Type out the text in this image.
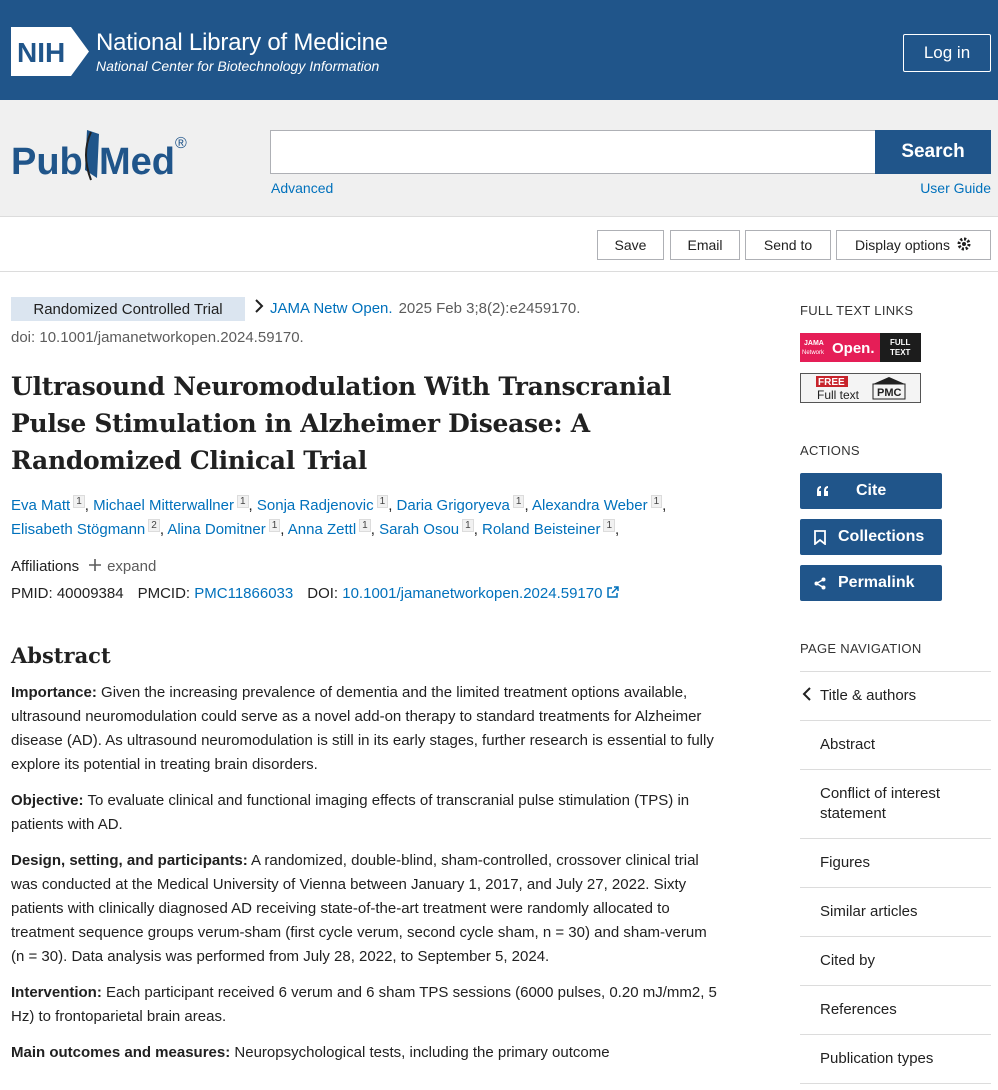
NIH National Library of Medicine
National Center for Biotechnology Information
Log in
Pub Med ®	Search
Advanced	User Guide
Save	Email	Send to	Display options
Randomized Controlled Trial	JAMA Netw Open. 2025 Feb 3;8(2):e2459170.
doi: 10.1001/jamanetworkopen.2024.59170.
Ultrasound Neuromodulation With Transcranial Pulse Stimulation in Alzheimer Disease: A Randomized Clinical Trial
Eva Matt $^1$ , Michael Mitterwallner $^1$ , Sonja Radjenovic $^1$ , Daria Grigoryeva $^1$ , Alexandra Weber $^1$ , Elisabeth Stögmann $^2$ , Alina Domitner $^1$ , Anna Zettl $^1$ , Sarah Osou $^1$ , Roland Beisteiner $^1$ ,
Affiliations expand
PMID: 40009384 PMCID: PMC11866033 DOI: 10.1001/jamanetworkopen.2024.59170
Abstract

Importance: Given the increasing prevalence of dementia and the limited treatment options available, ultrasound neuromodulation could serve as a novel add-on therapy to standard treatments for Alzheimer disease (AD). As ultrasound neuromodulation is still in its early stages, further research is essential to fully explore its potential in treating brain disorders.

Objective: To evaluate clinical and functional imaging effects of transcranial pulse stimulation (TPS) in patients with AD.

Design, setting, and participants: A randomized, double-blind, sham-controlled, crossover clinical trial was conducted at the Medical University of Vienna between January 1, 2017, and July 27, 2022. Sixty patients with clinically diagnosed AD receiving state-of-the-art treatment were randomly allocated to treatment sequence groups verum-sham (first cycle verum, second cycle sham, n = 30) and sham-verum (n = 30). Data analysis was performed from July 28, 2022, to September 5, 2024.

Intervention: Each participant received 6 verum and 6 sham TPS sessions (6000 pulses, 0.20 mJ/mm2, 5 Hz) to frontoparietal brain areas.

Main outcomes and measures: Neuropsychological tests, including the primary outcome

FULL TEXT LINKS
JAMA
Network Open. FULL
TEXT
FREE
Full text PMC
ACTIONS
Cite
Collections
Permalink
PAGE NAVIGATION
Title & authors
Abstract
Conflict of interest statement
Figures
Similar articles
Cited by
References
Publication types
